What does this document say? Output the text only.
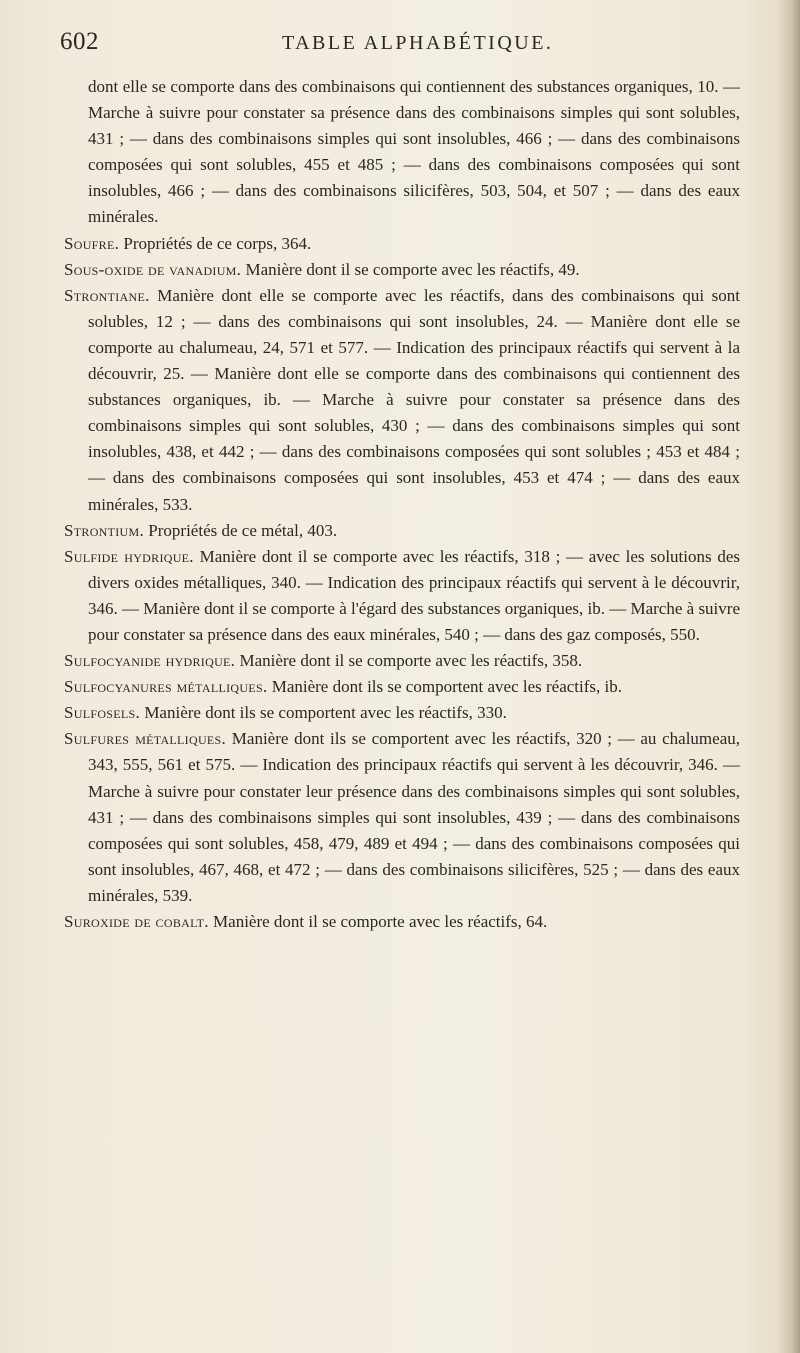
602	TABLE ALPHABÉTIQUE.

dont elle se comporte dans des combinaisons qui contiennent des substances organiques, 10. — Marche à suivre pour constater sa présence dans des combinaisons simples qui sont solubles, 431 ; — dans des combinaisons simples qui sont insolubles, 466 ; — dans des combinaisons composées qui sont solubles, 455 et 485 ; — dans des combinaisons composées qui sont insolubles, 466 ; — dans des combinaisons silicifères, 503, 504, et 507 ; — dans des eaux minérales.

Soufre. Propriétés de ce corps, 364.

Sous-oxide de vanadium. Manière dont il se comporte avec les réactifs, 49.

Strontiane. Manière dont elle se comporte avec les réactifs, dans des combinaisons qui sont solubles, 12 ; — dans des combinaisons qui sont insolubles, 24. — Manière dont elle se comporte au chalumeau, 24, 571 et 577. — Indication des principaux réactifs qui servent à la découvrir, 25. — Manière dont elle se comporte dans des combinaisons qui contiennent des substances organiques, ib. — Marche à suivre pour constater sa présence dans des combinaisons simples qui sont solubles, 430 ; — dans des combinaisons simples qui sont insolubles, 438, et 442 ; — dans des combinaisons composées qui sont solubles ; 453 et 484 ; — dans des combinaisons composées qui sont insolubles, 453 et 474 ; — dans des eaux minérales, 533.

Strontium. Propriétés de ce métal, 403.

Sulfide hydrique. Manière dont il se comporte avec les réactifs, 318 ; — avec les solutions des divers oxides métalliques, 340. — Indication des principaux réactifs qui servent à le découvrir, 346. — Manière dont il se comporte à l'égard des substances organiques, ib. — Marche à suivre pour constater sa présence dans des eaux minérales, 540 ; — dans des gaz composés, 550.

Sulfocyanide hydrique. Manière dont il se comporte avec les réactifs, 358.

Sulfocyanures métalliques. Manière dont ils se comportent avec les réactifs, ib.

Sulfosels. Manière dont ils se comportent avec les réactifs, 330.

Sulfures métalliques. Manière dont ils se comportent avec les réactifs, 320 ; — au chalumeau, 343, 555, 561 et 575. — Indication des principaux réactifs qui servent à les découvrir, 346. — Marche à suivre pour constater leur présence dans des combinaisons simples qui sont solubles, 431 ; — dans des combinaisons simples qui sont insolubles, 439 ; — dans des combinaisons composées qui sont solubles, 458, 479, 489 et 494 ; — dans des combinaisons composées qui sont insolubles, 467, 468, et 472 ; — dans des combinaisons silicifères, 525 ; — dans des eaux minérales, 539.

Suroxide de cobalt. Manière dont il se comporte avec les réactifs, 64.
